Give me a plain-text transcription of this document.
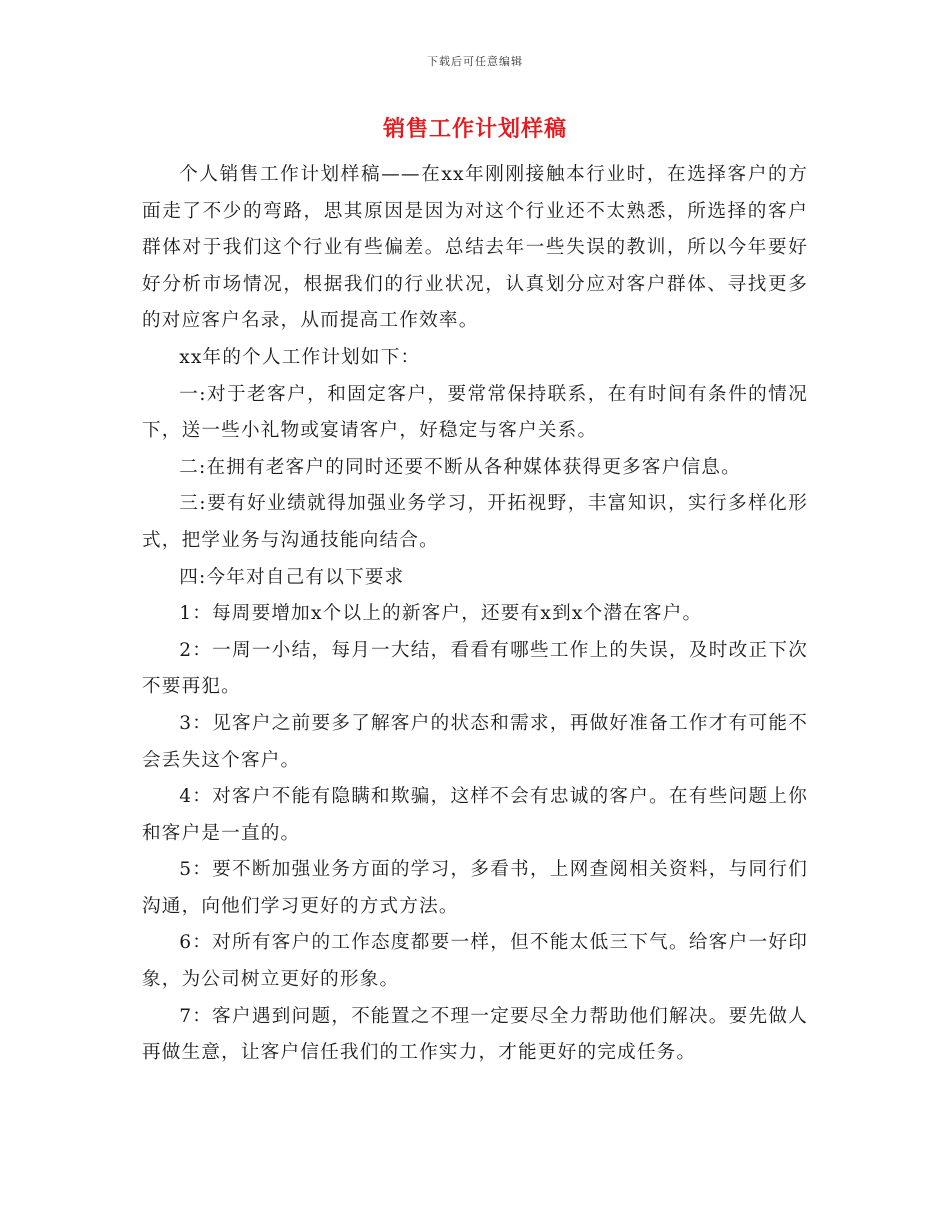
下载后可任意编辑
销售工作计划样稿

个人销售工作计划样稿——在xx年刚刚接触本行业时，在选择客户的方面走了不少的弯路，思其原因是因为对这个行业还不太熟悉，所选择的客户群体对于我们这个行业有些偏差。总结去年一些失误的教训，所以今年要好好分析市场情况，根据我们的行业状况，认真划分应对客户群体、寻找更多的对应客户名录，从而提高工作效率。

xx年的个人工作计划如下：

一:对于老客户，和固定客户，要常常保持联系，在有时间有条件的情况下，送一些小礼物或宴请客户，好稳定与客户关系。

二:在拥有老客户的同时还要不断从各种媒体获得更多客户信息。

三:要有好业绩就得加强业务学习，开拓视野，丰富知识，实行多样化形式，把学业务与沟通技能向结合。

四:今年对自己有以下要求

1：每周要增加x个以上的新客户，还要有x到x个潜在客户。

2：一周一小结，每月一大结，看看有哪些工作上的失误，及时改正下次不要再犯。

3：见客户之前要多了解客户的状态和需求，再做好准备工作才有可能不会丢失这个客户。

4：对客户不能有隐瞒和欺骗，这样不会有忠诚的客户。在有些问题上你和客户是一直的。

5：要不断加强业务方面的学习，多看书，上网查阅相关资料，与同行们沟通，向他们学习更好的方式方法。

6：对所有客户的工作态度都要一样，但不能太低三下气。给客户一好印象，为公司树立更好的形象。

7：客户遇到问题，不能置之不理一定要尽全力帮助他们解决。要先做人再做生意，让客户信任我们的工作实力，才能更好的完成任务。
